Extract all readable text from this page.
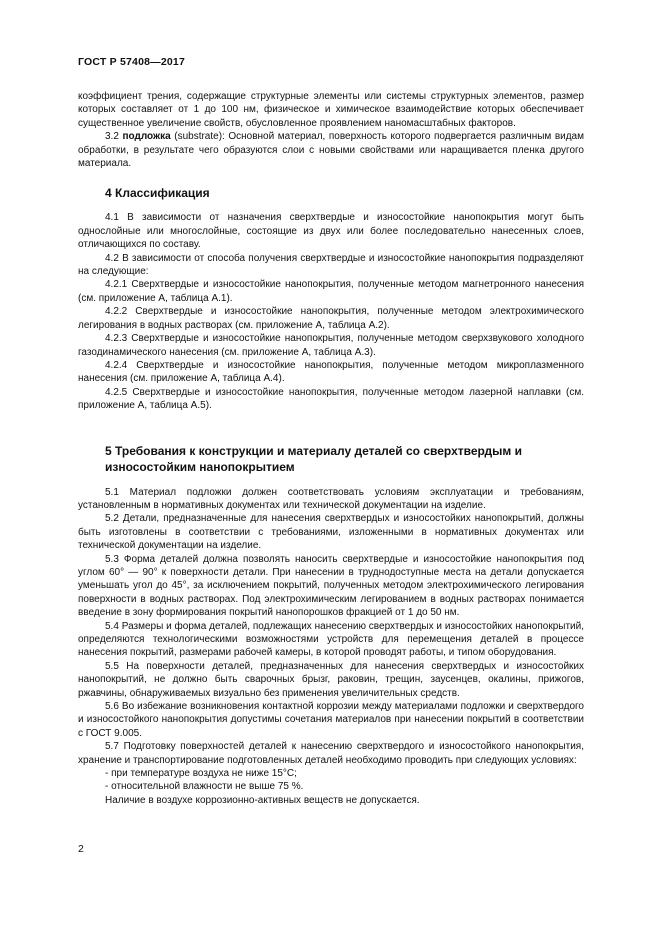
ГОСТ Р 57408—2017

коэффициент трения, содержащие структурные элементы или системы структурных элементов, размер которых составляет от 1 до 100 нм, физическое и химическое взаимодействие которых обеспечивает существенное увеличение свойств, обусловленное проявлением наномасштабных факторов.

3.2 подложка (substrate): Основной материал, поверхность которого подвергается различным видам обработки, в результате чего образуются слои с новыми свойствами или наращивается пленка другого материала.

4 Классификация

4.1 В зависимости от назначения сверхтвердые и износостойкие нанопокрытия могут быть однослойные или многослойные, состоящие из двух или более последовательно нанесенных слоев, отличающихся по составу.

4.2 В зависимости от способа получения сверхтвердые и износостойкие нанопокрытия подразделяют на следующие:

4.2.1 Сверхтвердые и износостойкие нанопокрытия, полученные методом магнетронного нанесения (см. приложение А, таблица А.1).

4.2.2 Сверхтвердые и износостойкие нанопокрытия, полученные методом электрохимического легирования в водных растворах (см. приложение А, таблица А.2).

4.2.3 Сверхтвердые и износостойкие нанопокрытия, полученные методом сверхзвукового холодного газодинамического нанесения (см. приложение А, таблица А.3).

4.2.4 Сверхтвердые и износостойкие нанопокрытия, полученные методом микроплазменного нанесения (см. приложение А, таблица А.4).

4.2.5 Сверхтвердые и износостойкие нанопокрытия, полученные методом лазерной наплавки (см. приложение А, таблица А.5).

5 Требования к конструкции и материалу деталей со сверхтвердым и износостойким нанопокрытием

5.1 Материал подложки должен соответствовать условиям эксплуатации и требованиям, установленным в нормативных документах или технической документации на изделие.

5.2 Детали, предназначенные для нанесения сверхтвердых и износостойких нанопокрытий, должны быть изготовлены в соответствии с требованиями, изложенными в нормативных документах или технической документации на изделие.

5.3 Форма деталей должна позволять наносить сверхтвердые и износостойкие нанопокрытия под углом 60° — 90° к поверхности детали. При нанесении в труднодоступные места на детали допускается уменьшать угол до 45°, за исключением покрытий, полученных методом электрохимического легирования поверхности в водных растворах. Под электрохимическим легированием в водных растворах понимается введение в зону формирования покрытий нанопорошков фракцией от 1 до 50 нм.

5.4 Размеры и форма деталей, подлежащих нанесению сверхтвердых и износостойких нанопокрытий, определяются технологическими возможностями устройств для перемещения деталей в процессе нанесения покрытий, размерами рабочей камеры, в которой проводят работы, и типом оборудования.

5.5 На поверхности деталей, предназначенных для нанесения сверхтвердых и износостойких нанопокрытий, не должно быть сварочных брызг, раковин, трещин, заусенцев, окалины, прижогов, ржавчины, обнаруживаемых визуально без применения увеличительных средств.

5.6 Во избежание возникновения контактной коррозии между материалами подложки и сверхтвердого и износостойкого нанопокрытия допустимы сочетания материалов при нанесении покрытий в соответствии с ГОСТ 9.005.

5.7 Подготовку поверхностей деталей к нанесению сверхтвердого и износостойкого нанопокрытия, хранение и транспортирование подготовленных деталей необходимо проводить при следующих условиях:

- при температуре воздуха не ниже 15°С;

- относительной влажности не выше 75 %.

Наличие в воздухе коррозионно-активных веществ не допускается.

2
